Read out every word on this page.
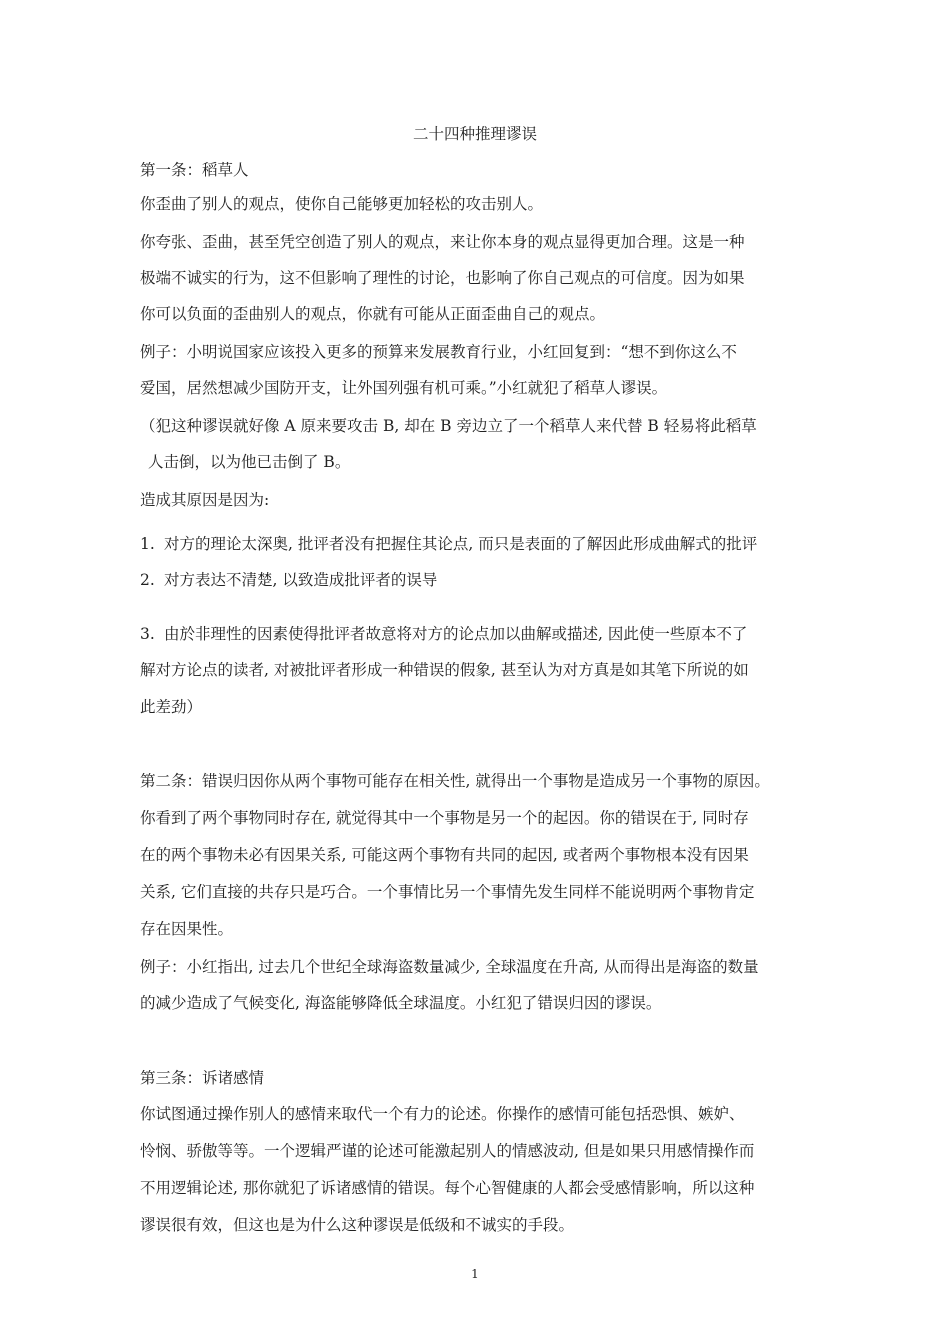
二十四种推理谬误
第一条：稻草人
你歪曲了别人的观点，使你自己能够更加轻松的攻击别人。
你夸张、歪曲，甚至凭空创造了别人的观点，来让你本身的观点显得更加合理。这是一种
极端不诚实的行为，这不但影响了理性的讨论，也影响了你自己观点的可信度。因为如果
你可以负面的歪曲别人的观点，你就有可能从正面歪曲自己的观点。
例子：小明说国家应该投入更多的预算来发展教育行业，小红回复到：“想不到你这么不
爱国，居然想减少国防开支，让外国列强有机可乘。”小红就犯了稻草人谬误。
（犯这种谬误就好像 A 原来要攻击 B, 却在 B 旁边立了一个稻草人来代替 B 轻易将此稻草
人击倒，以为他已击倒了 B。
造成其原因是因为:
1. 对方的理论太深奥, 批评者没有把握住其论点, 而只是表面的了解因此形成曲解式的批评
2. 对方表达不清楚, 以致造成批评者的误导
3. 由於非理性的因素使得批评者故意将对方的论点加以曲解或描述, 因此使一些原本不了
解对方论点的读者, 对被批评者形成一种错误的假象, 甚至认为对方真是如其笔下所说的如
此差劲）
第二条：错误归因你从两个事物可能存在相关性, 就得出一个事物是造成另一个事物的原因。
你看到了两个事物同时存在, 就觉得其中一个事物是另一个的起因。你的错误在于, 同时存
在的两个事物未必有因果关系, 可能这两个事物有共同的起因, 或者两个事物根本没有因果
关系, 它们直接的共存只是巧合。一个事情比另一个事情先发生同样不能说明两个事物肯定
存在因果性。
例子：小红指出, 过去几个世纪全球海盗数量减少, 全球温度在升高, 从而得出是海盗的数量
的减少造成了气候变化, 海盗能够降低全球温度。小红犯了错误归因的谬误。
第三条：诉诸感情
你试图通过操作别人的感情来取代一个有力的论述。你操作的感情可能包括恐惧、嫉妒、
怜悯、骄傲等等。一个逻辑严谨的论述可能激起别人的情感波动, 但是如果只用感情操作而
不用逻辑论述, 那你就犯了诉诸感情的错误。每个心智健康的人都会受感情影响，所以这种
谬误很有效，但这也是为什么这种谬误是低级和不诚实的手段。
1
